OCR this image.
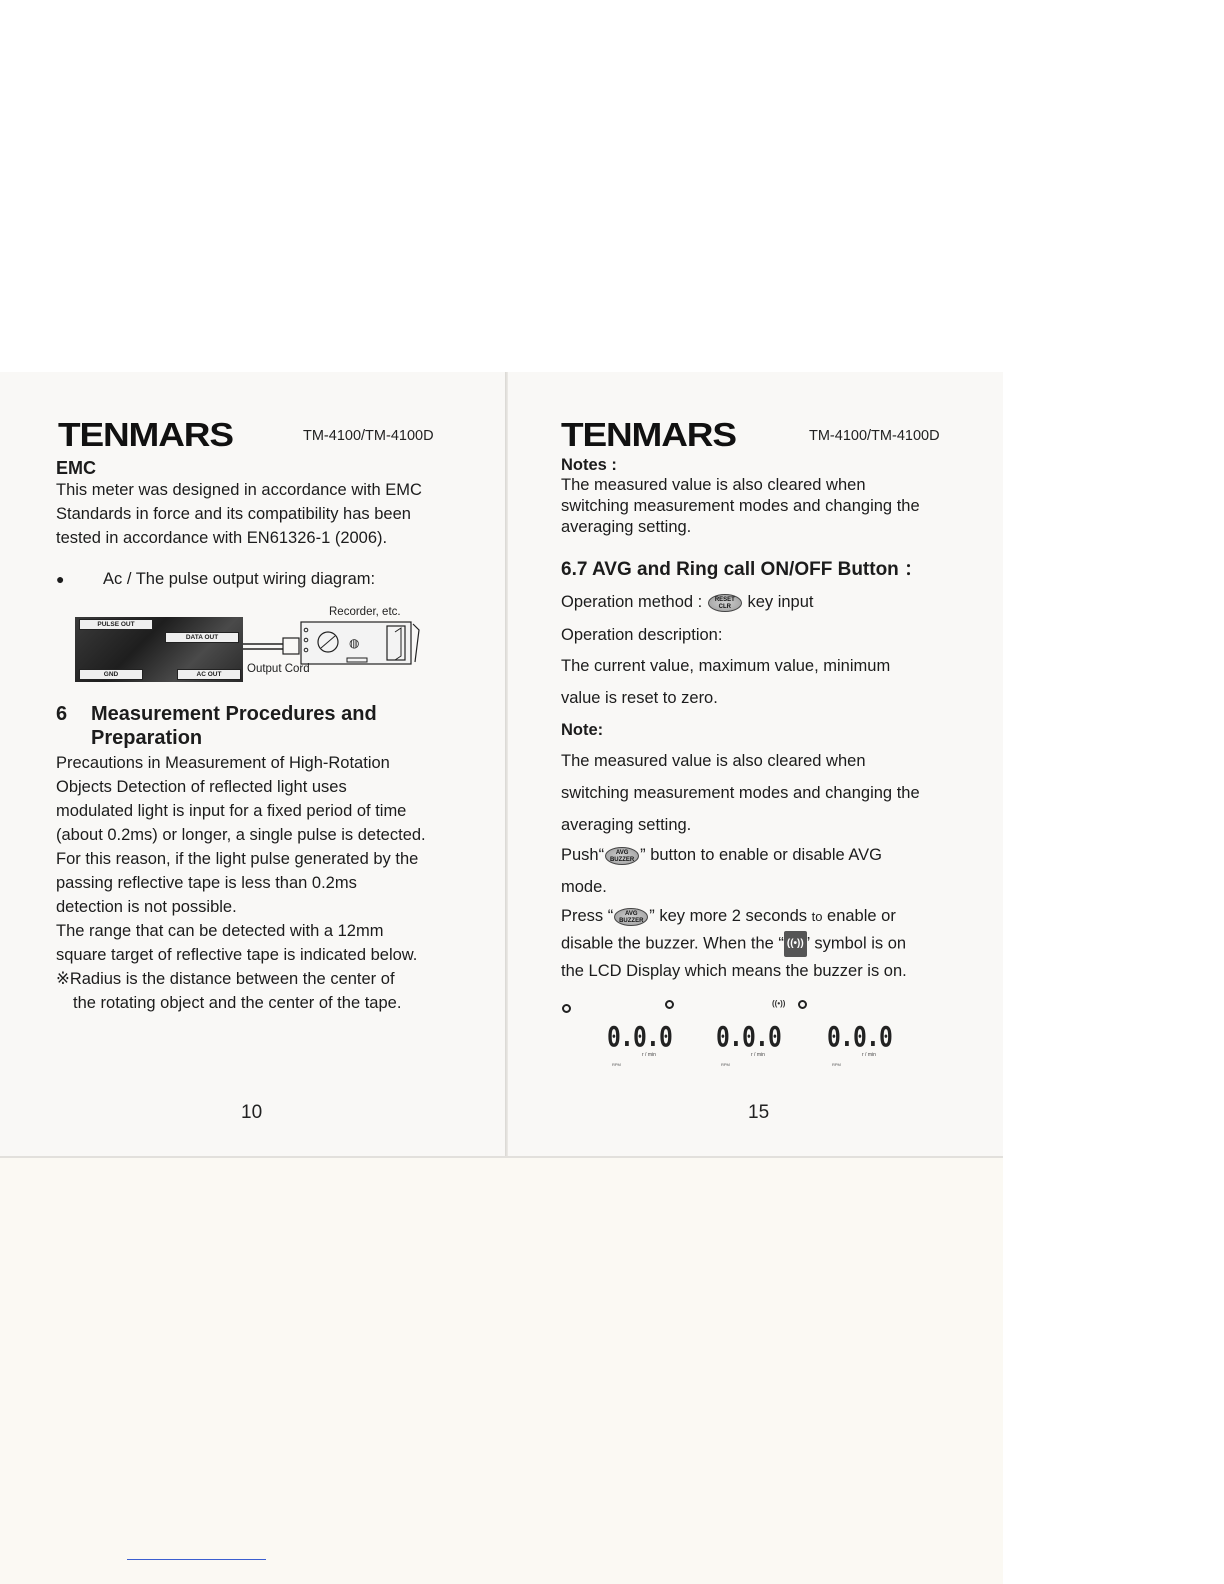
TENMARS	TM-4100/TM-4100D
EMC
This meter was designed in accordance with EMC
Standards in force and its compatibility has been
tested in accordance with EN61326-1 (2006).
● Ac / The pulse output wiring diagram:
PULSE OUT
DATA OUT
GND	AC OUT
◍
Recorder, etc.
Output Cord
6 Measurement Procedures and
Preparation
Precautions in Measurement of High-Rotation
Objects Detection of reflected light uses
modulated light is input for a fixed period of time
(about 0.2ms) or longer, a single pulse is detected.
For this reason, if the light pulse generated by the
passing reflective tape is less than 0.2ms
detection is not possible.
The range that can be detected with a 12mm
square target of reflective tape is indicated below.
※Radius is the distance between the center of
the rotating object and the center of the tape.
10
TENMARS	TM-4100/TM-4100D
Notes :
The measured value is also cleared when
switching measurement modes and changing the
averaging setting.
6.7 AVG and Ring call ON/OFF Button ：
Operation method : RESET
CLR key input
Operation description:
The current value, maximum value, minimum
value is reset to zero.
Note:
The measured value is also cleared when
switching measurement modes and changing the
averaging setting.
Push“ AVG
BUZZER ” button to enable or disable AVG
mode.
Press “ AVG
BUZZER ” key more 2 seconds to enable or
disable the buzzer. When the “ ((•)) ’ symbol is on
the LCD Display which means the buzzer is on.
0.0.0
r / min
RPM
0.0.0
r / min
RPM
((•))
0.0.0
r / min
RPM
15
